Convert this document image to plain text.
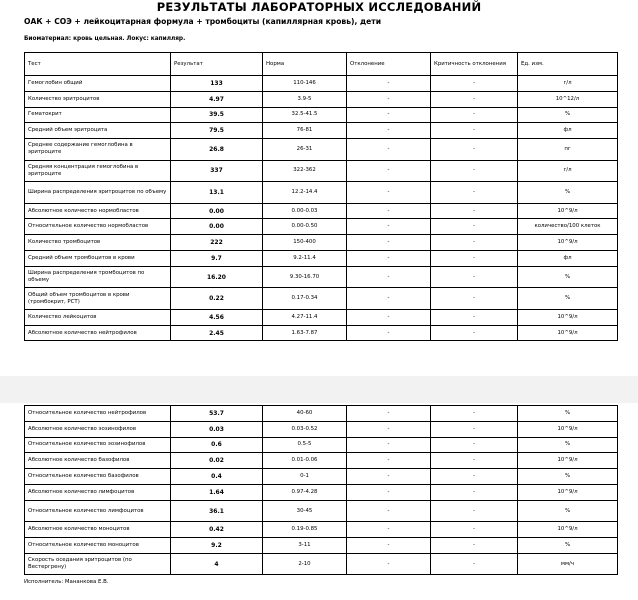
РЕЗУЛЬТАТЫ ЛАБОРАТОРНЫХ ИССЛЕДОВАНИЙ
ОАК + СОЭ + лейкоцитарная формула + тромбоциты (капиллярная кровь), дети
Биоматериал: кровь цельная. Локус: капилляр.
Тест	Результат	Норма	Отклонение	Критичность отклонения	Ед. изм.
Гемоглобин общий	133	110-146	-	-	г/л
Количество эритроцитов	4.97	3.9-5	-	-	10^12/л
Гематокрит	39.5	32.5-41.5	-	-	%
Средний объем эритроцита	79.5	76-81	-	-	фл
Среднее содержание гемоглобина в эритроците	26.8	26-31	-	-	пг
Средняя концентрация гемоглобина в эритроците	337	322-362	-	-	г/л
Ширина распределения эритроцитов по объему	13.1	12.2-14.4	-	-	%
Абсолютное количество нормобластов	0.00	0.00-0.03	-	-	10^9/л
Относительное количество нормобластов	0.00	0.00-0.50	-	-	количество/100 клеток
Количество тромбоцитов	222	150-400	-	-	10^9/л
Средний объем тромбоцитов в крови	9.7	9.2-11.4	-	-	фл
Ширина распределения тромбоцитов по объему	16.20	9.30-16.70	-	-	%
Общий объем тромбоцитов в крови (тромбокрит, PCT)	0.22	0.17-0.34	-	-	%
Количество лейкоцитов	4.56	4.27-11.4	-	-	10^9/л
Абсолютное количество нейтрофилов	2.45	1.63-7.87	-	-	10^9/л
Относительное количество нейтрофилов	53.7	40-60	-	-	%
Абсолютное количество эозинофилов	0.03	0.03-0.52	-	-	10^9/л
Относительное количество эозинофилов	0.6	0.5-5	-	-	%
Абсолютное количество базофилов	0.02	0.01-0.06	-	-	10^9/л
Относительное количество базофилов	0.4	0-1	-	-	%
Абсолютное количество лимфоцитов	1.64	0.97-4.28	-	-	10^9/л
Относительное количество лимфоцитов	36.1	30-45	-	-	%
Абсолютное количество моноцитов	0.42	0.19-0.85	-	-	10^9/л
Относительное количество моноцитов	9.2	3-11	-	-	%
Скорость оседания эритроцитов (по Вестергрену)	4	2-10	-	-	мм/ч
Исполнитель: Мананкова Е.В.
